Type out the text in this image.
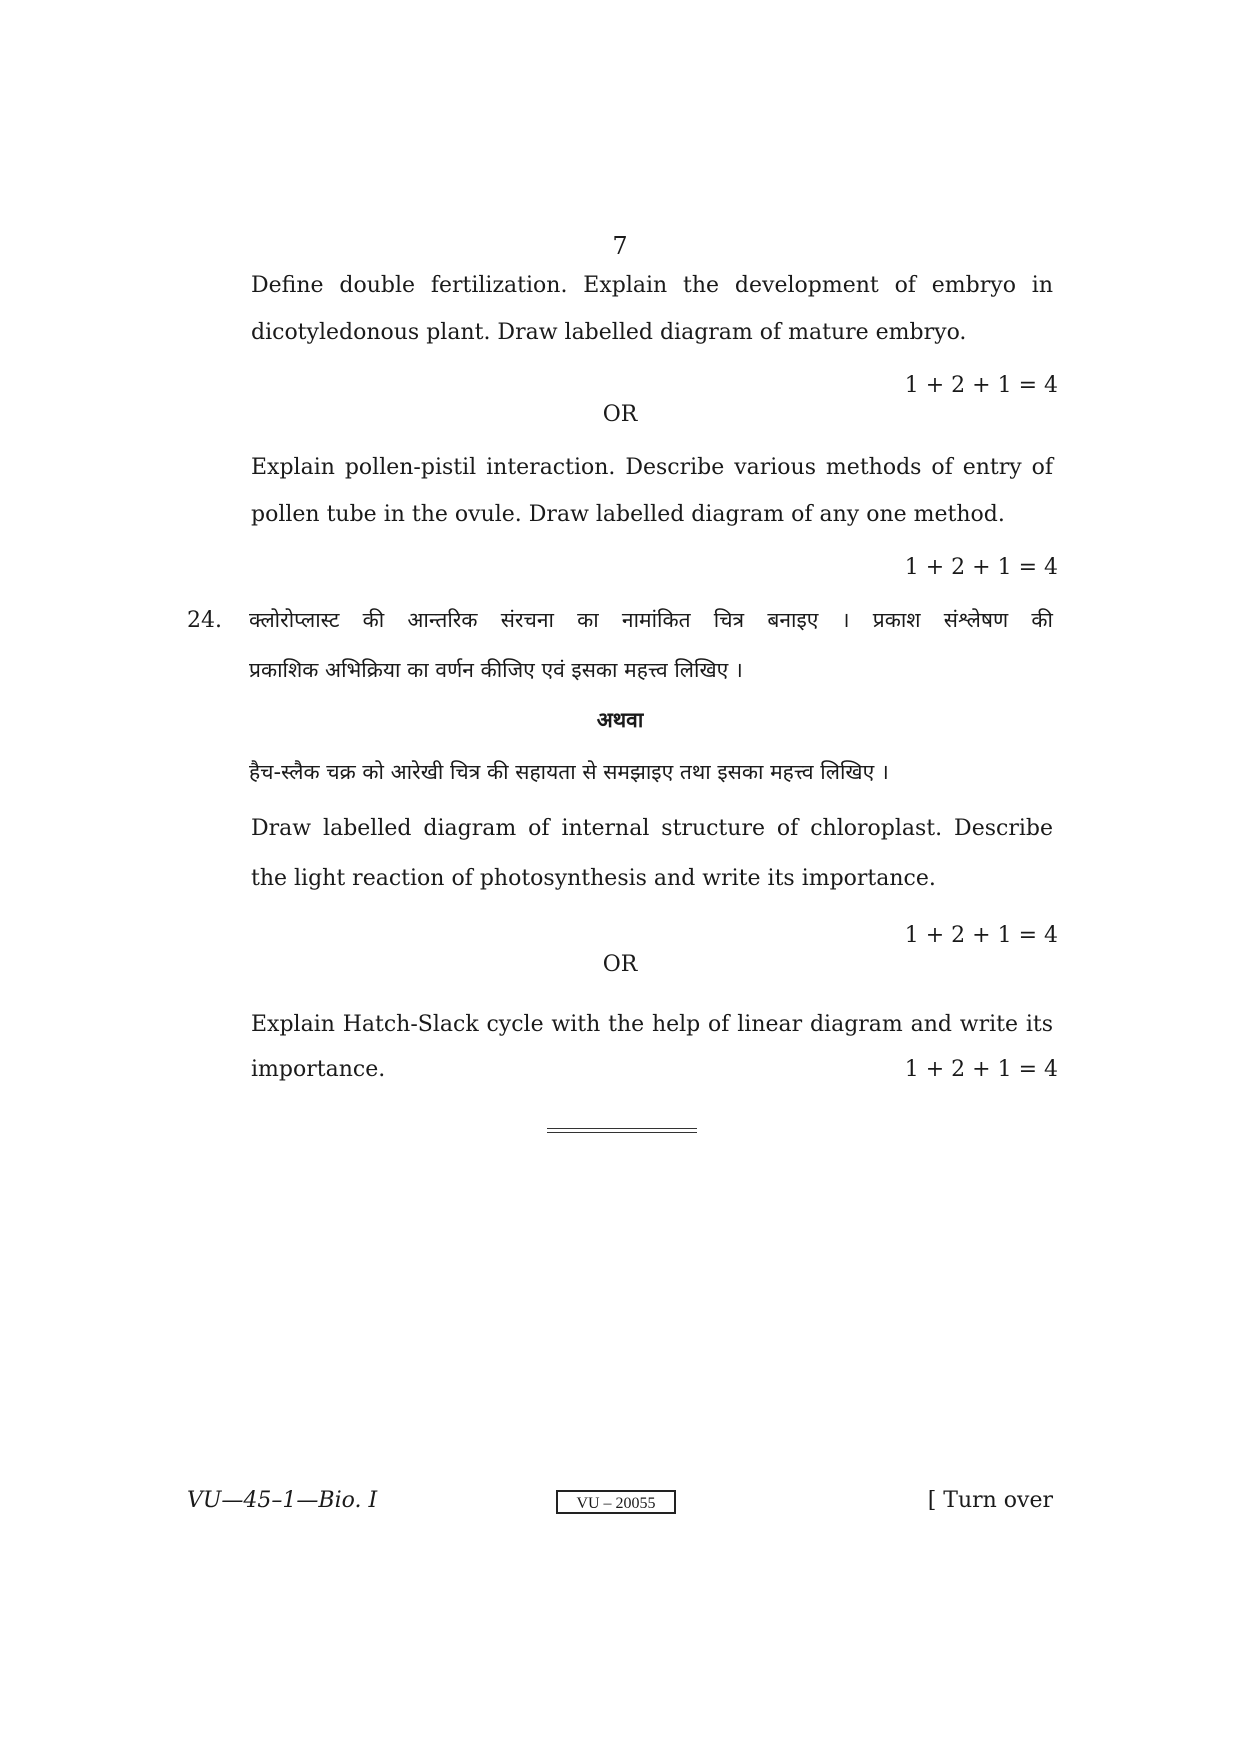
7
Define double fertilization. Explain the development of embryo in
dicotyledonous plant. Draw labelled diagram of mature embryo.
1 + 2 + 1 = 4
OR
Explain pollen-pistil interaction. Describe various methods of entry of
pollen tube in the ovule. Draw labelled diagram of any one method.
1 + 2 + 1 = 4
24. क्लोरोप्लास्ट की आन्तरिक संरचना का नामांकित चित्र बनाइए । प्रकाश संश्लेषण की
प्रकाशिक अभिक्रिया का वर्णन कीजिए एवं इसका महत्त्व लिखिए ।
अथवा
हैच-स्लैक चक्र को आरेखी चित्र की सहायता से समझाइए तथा इसका महत्त्व लिखिए ।
Draw labelled diagram of internal structure of chloroplast. Describe
the light reaction of photosynthesis and write its importance.
1 + 2 + 1 = 4
OR
Explain Hatch-Slack cycle with the help of linear diagram and write its
importance.	1 + 2 + 1 = 4
VU—45–1—Bio. I	VU – 20055	[ Turn over
